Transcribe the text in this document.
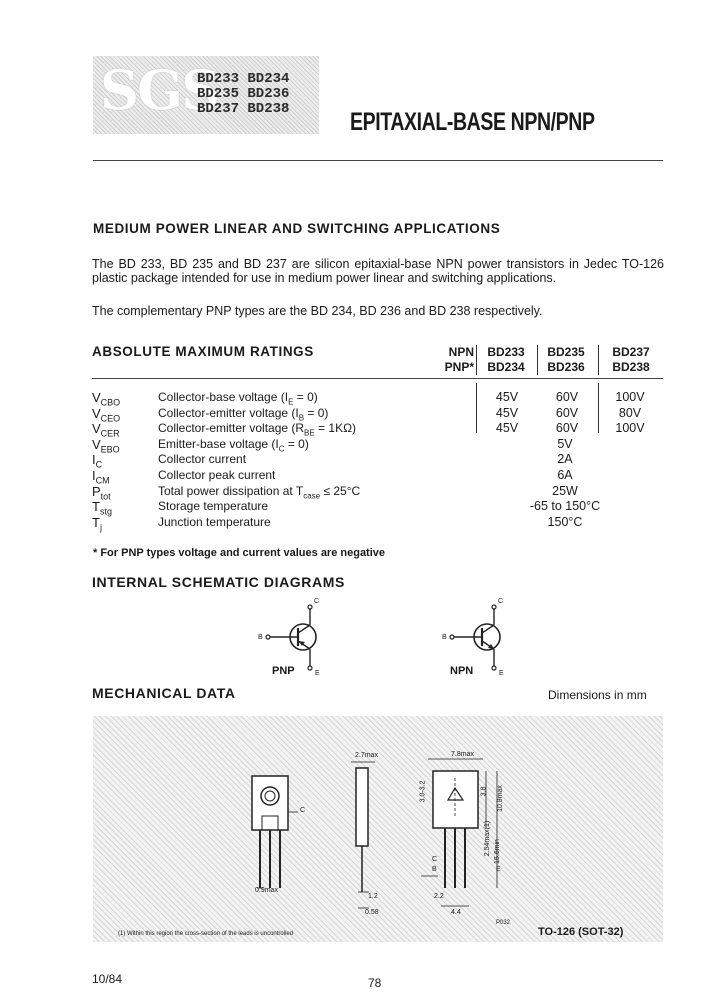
SGS
BD233 BD234
BD235 BD236
BD237 BD238	EPITAXIAL-BASE NPN/PNP
MEDIUM POWER LINEAR AND SWITCHING APPLICATIONS
The BD 233, BD 235 and BD 237 are silicon epitaxial-base NPN power transistors in Jedec TO-126 plastic package intended for use in medium power linear and switching applications.
The complementary PNP types are the BD 234, BD 236 and BD 238 respectively.
ABSOLUTE MAXIMUM RATINGS	NPN
PNP*
BD233	BD235	BD237
BD234	BD236	BD238
$V_{CBO}$	Collector-base voltage $(I_E = 0)$	45V	60V	100V
$V_{CEO}$	Collector-emitter voltage $(I_B = 0)$	45V	60V	80V
$V_{CER}$	Collector-emitter voltage $(R_{BE} = 1K\Omega)$	45V	60V	100V
$V_{EBO}$	Emitter-base voltage $(I_C = 0)$	5V
$I_C$	Collector current	2A
$I_{CM}$	Collector peak current	6A
$P_{tot}$	Total power dissipation at $T_{case} \le 25^\circ C$	25W
$T_{stg}$	Storage temperature	-65 to 150°C
$T_j$	Junction temperature	150°C
* For PNP types voltage and current values are negative
INTERNAL SCHEMATIC DIAGRAMS
B
C
E
PNP
B
C
E
NPN
MECHANICAL DATA	Dimensions in mm
2.7max	7.8max
3.8 10.8max
3.0-3.2
2.54max(1) 15.6min
0.9max
1.2
0.58
2.2
4.4
C
C
B	E
P032
(1) Within this region the cross-section of the leads is uncontrolled	TO-126 (SOT-32)
10/84	78
